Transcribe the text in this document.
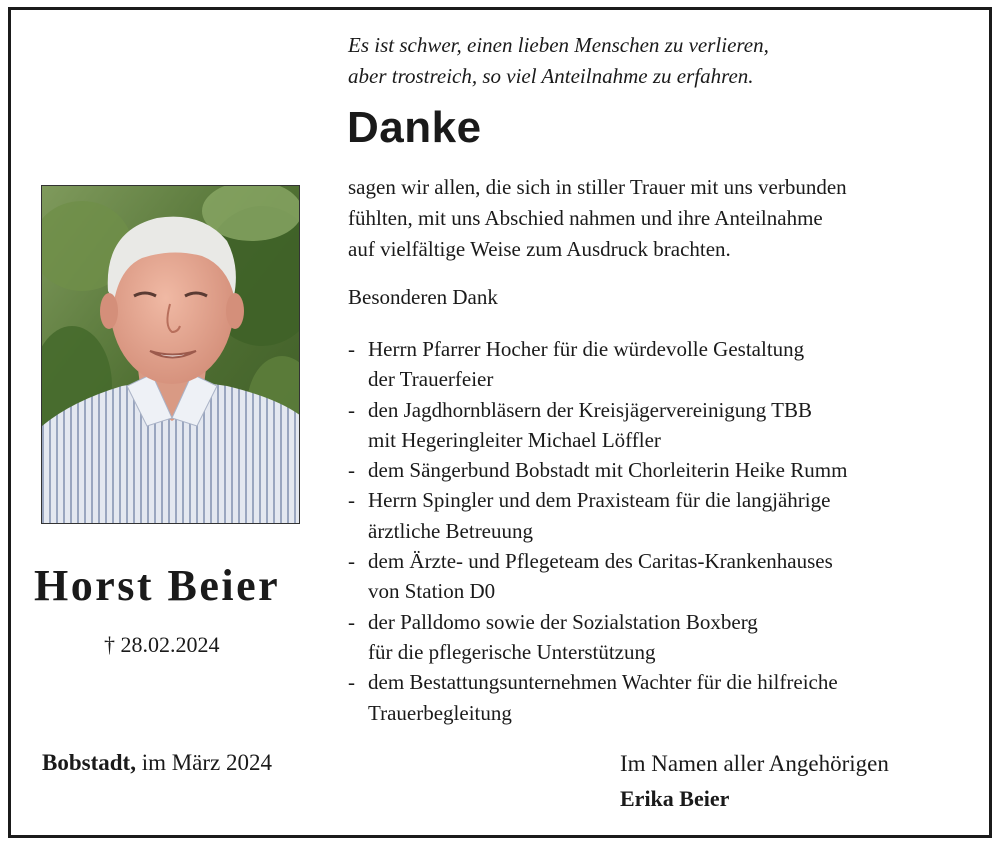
Es ist schwer, einen lieben Menschen zu verlieren,
aber trostreich, so viel Anteilnahme zu erfahren.
Danke
sagen wir allen, die sich in stiller Trauer mit uns verbunden
fühlten, mit uns Abschied nahmen und ihre Anteilnahme
auf vielfältige Weise zum Ausdruck brachten.
Besonderen Dank
- Herrn Pfarrer Hocher für die würdevolle Gestaltung
der Trauerfeier
- den Jagdhornbläsern der Kreisjägervereinigung TBB
mit Hegeringleiter Michael Löffler
- dem Sängerbund Bobstadt mit Chorleiterin Heike Rumm
- Herrn Spingler und dem Praxisteam für die langjährige
ärztliche Betreuung
- dem Ärzte- und Pflegeteam des Caritas-Krankenhauses
von Station D0
- der Palldomo sowie der Sozialstation Boxberg
für die pflegerische Unterstützung
- dem Bestattungsunternehmen Wachter für die hilfreiche
Trauerbegleitung
Horst Beier
† 28.02.2024
Bobstadt, im März 2024	Im Namen aller Angehörigen
Erika Beier
